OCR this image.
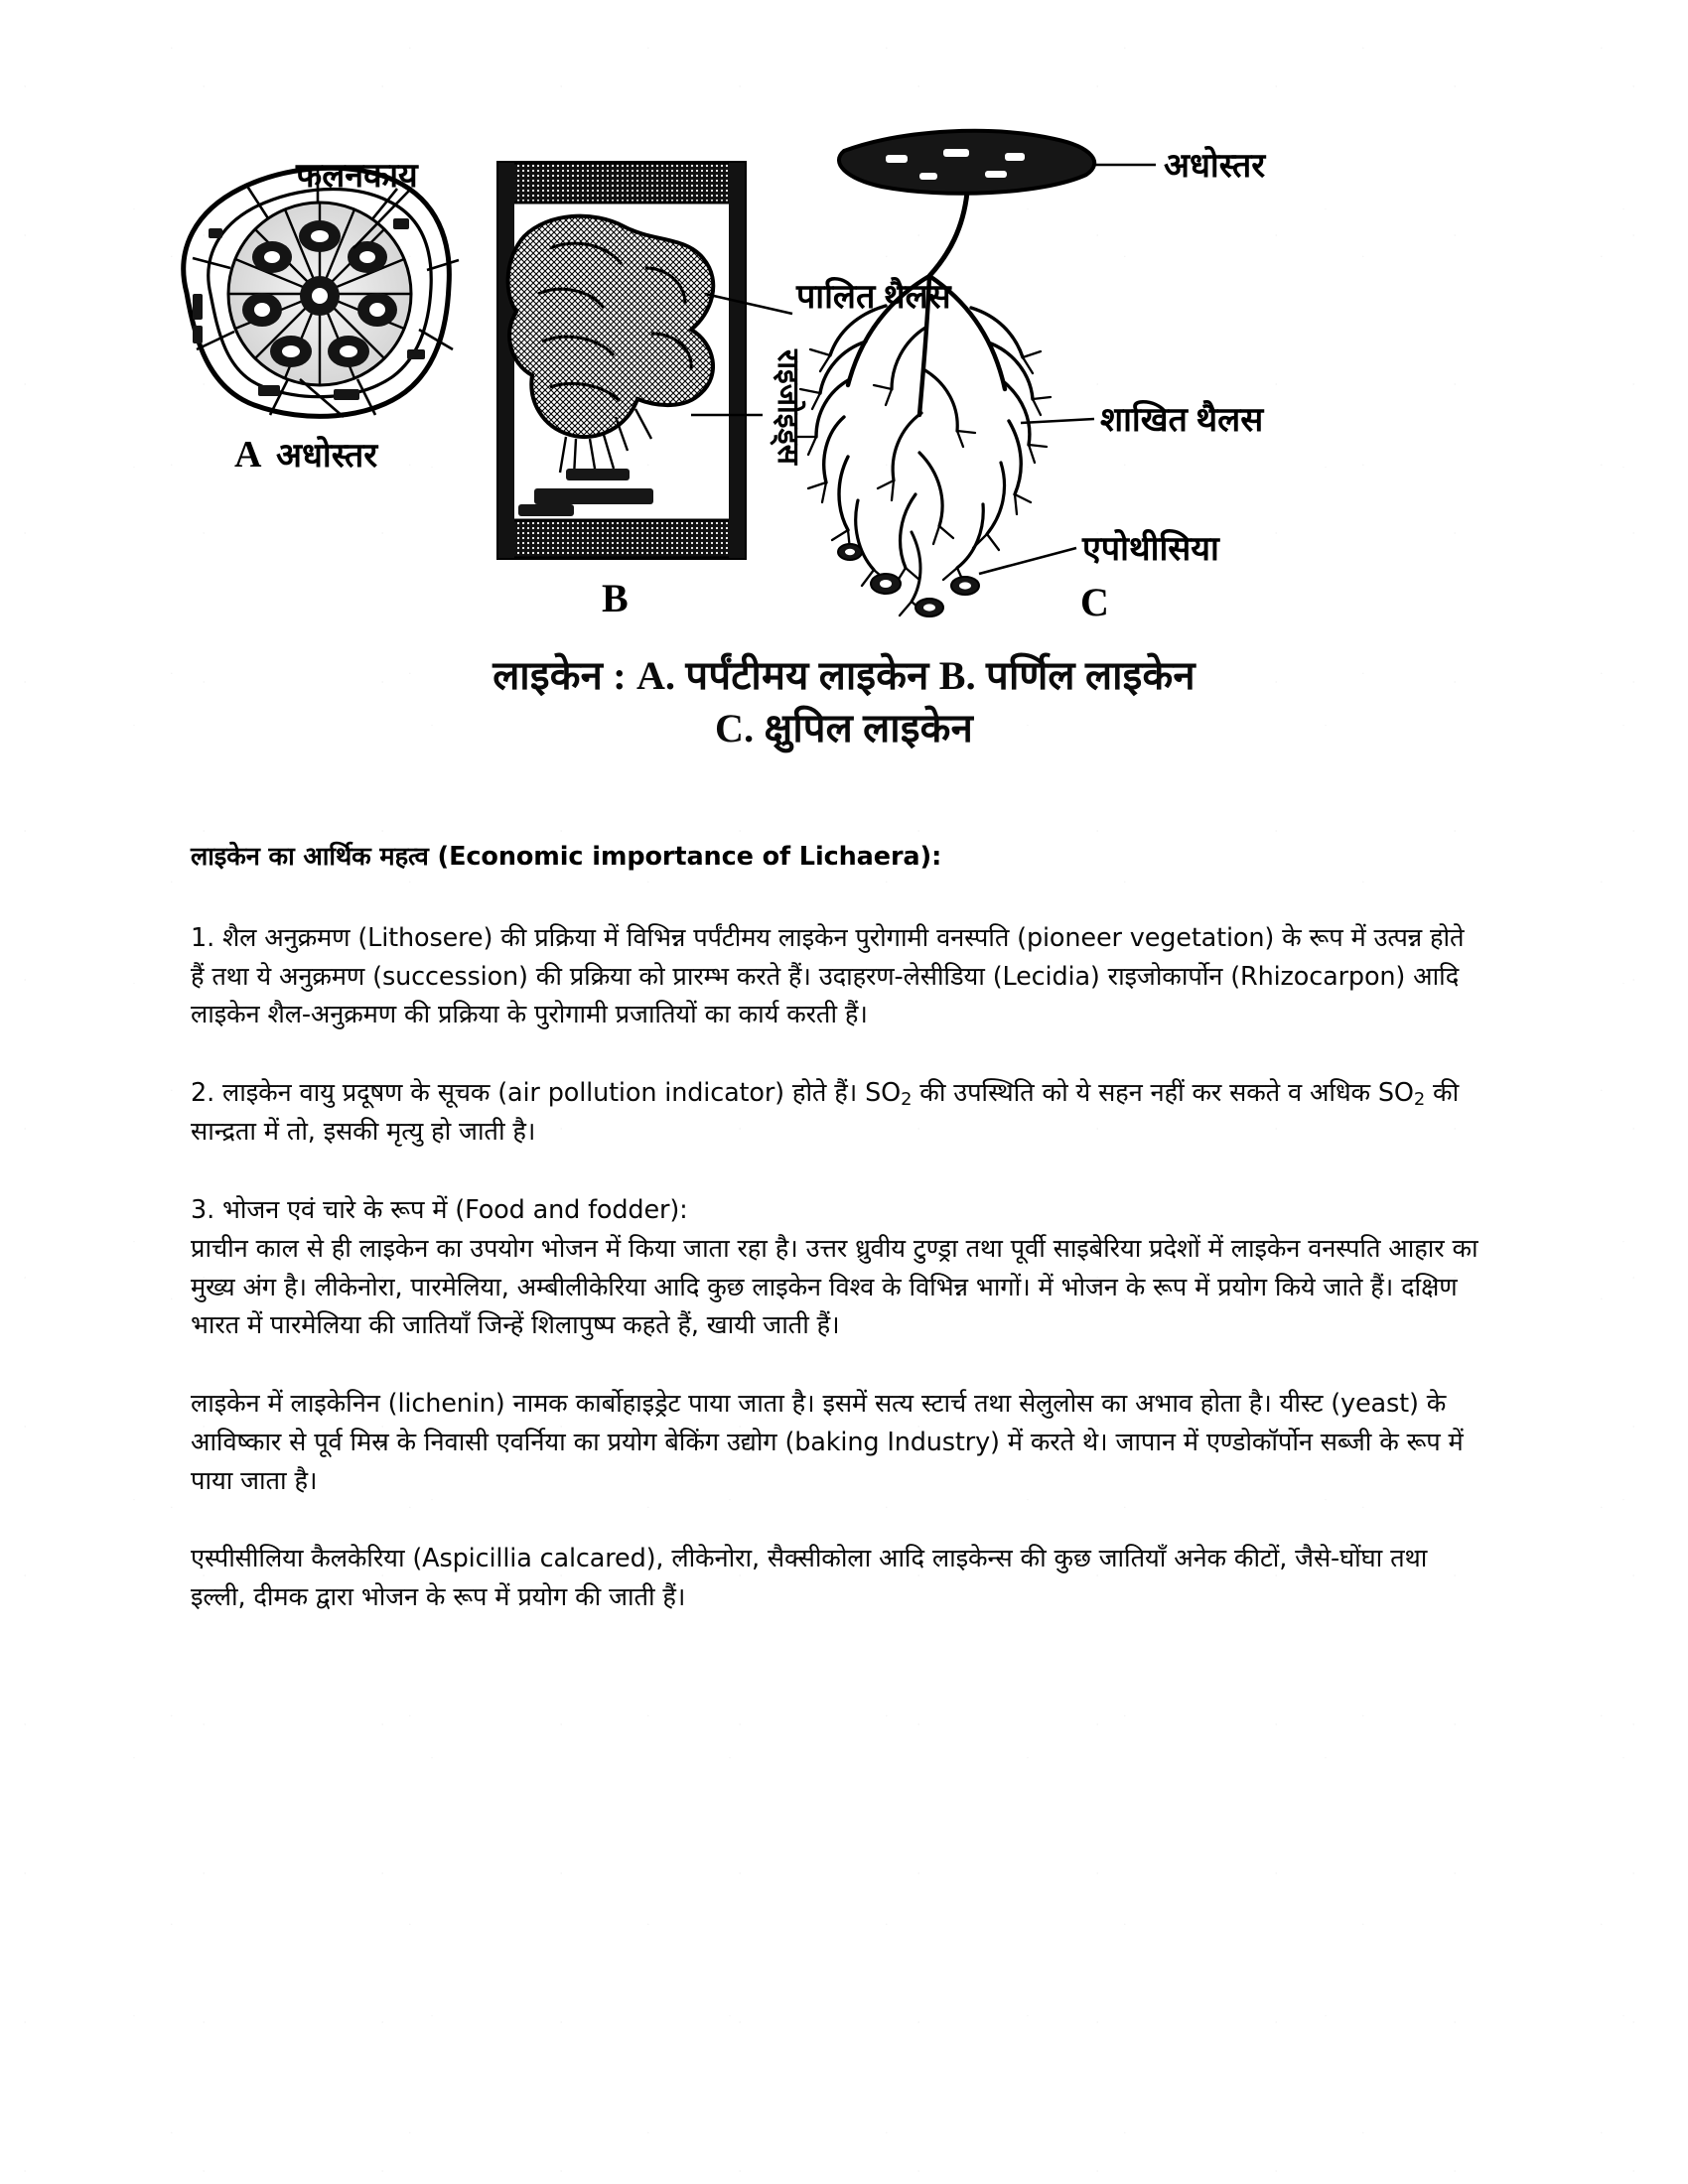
फलनकाय
A अधोस्तर
पालित थैलस
राइजोइड्स
B
अधोस्तर
शाखित थैलस
एपोथीसिया
C
लाइकेन : A. पर्पंटीमय लाइकेन B. पर्णिल लाइकेन
C. क्षुपिल लाइकेन
लाइकेन का आर्थिक महत्व (Economic importance of Lichaera):

1. शैल अनुक्रमण (Lithosere) की प्रक्रिया में विभिन्न पर्पंटीमय लाइकेन पुरोगामी वनस्पति (pioneer vegetation) के रूप में उत्पन्न होते हैं तथा ये अनुक्रमण (succession) की प्रक्रिया को प्रारम्भ करते हैं। उदाहरण-लेसीडिया (Lecidia) राइजोकार्पोन (Rhizocarpon) आदि लाइकेन शैल-अनुक्रमण की प्रक्रिया के पुरोगामी प्रजातियों का कार्य करती हैं।

2. लाइकेन वायु प्रदूषण के सूचक (air pollution indicator) होते हैं। $SO_2$ की उपस्थिति को ये सहन नहीं कर सकते व अधिक $SO_2$ की सान्द्रता में तो, इसकी मृत्यु हो जाती है।

3. भोजन एवं चारे के रूप में (Food and fodder):

प्राचीन काल से ही लाइकेन का उपयोग भोजन में किया जाता रहा है। उत्तर ध्रुवीय टुण्ड्रा तथा पूर्वी साइबेरिया प्रदेशों में लाइकेन वनस्पति आहार का मुख्य अंग है। लीकेनोरा, पारमेलिया, अम्बीलीकेरिया आदि कुछ लाइकेन विश्व के विभिन्न भागों। में भोजन के रूप में प्रयोग किये जाते हैं। दक्षिण भारत में पारमेलिया की जातियाँ जिन्हें शिलापुष्प कहते हैं, खायी जाती हैं।

लाइकेन में लाइकेनिन (lichenin) नामक कार्बोहाइड्रेट पाया जाता है। इसमें सत्य स्टार्च तथा सेलुलोस का अभाव होता है। यीस्ट (yeast) के आविष्कार से पूर्व मिस्र के निवासी एवर्निया का प्रयोग बेकिंग उद्योग (baking Industry) में करते थे। जापान में एण्डोकॉर्पोन सब्जी के रूप में पाया जाता है।

एस्पीसीलिया कैलकेरिया (Aspicillia calcared), लीकेनोरा, सैक्सीकोला आदि लाइकेन्स की कुछ जातियाँ अनेक कीटों, जैसे-घोंघा तथा इल्ली, दीमक द्वारा भोजन के रूप में प्रयोग की जाती हैं।
